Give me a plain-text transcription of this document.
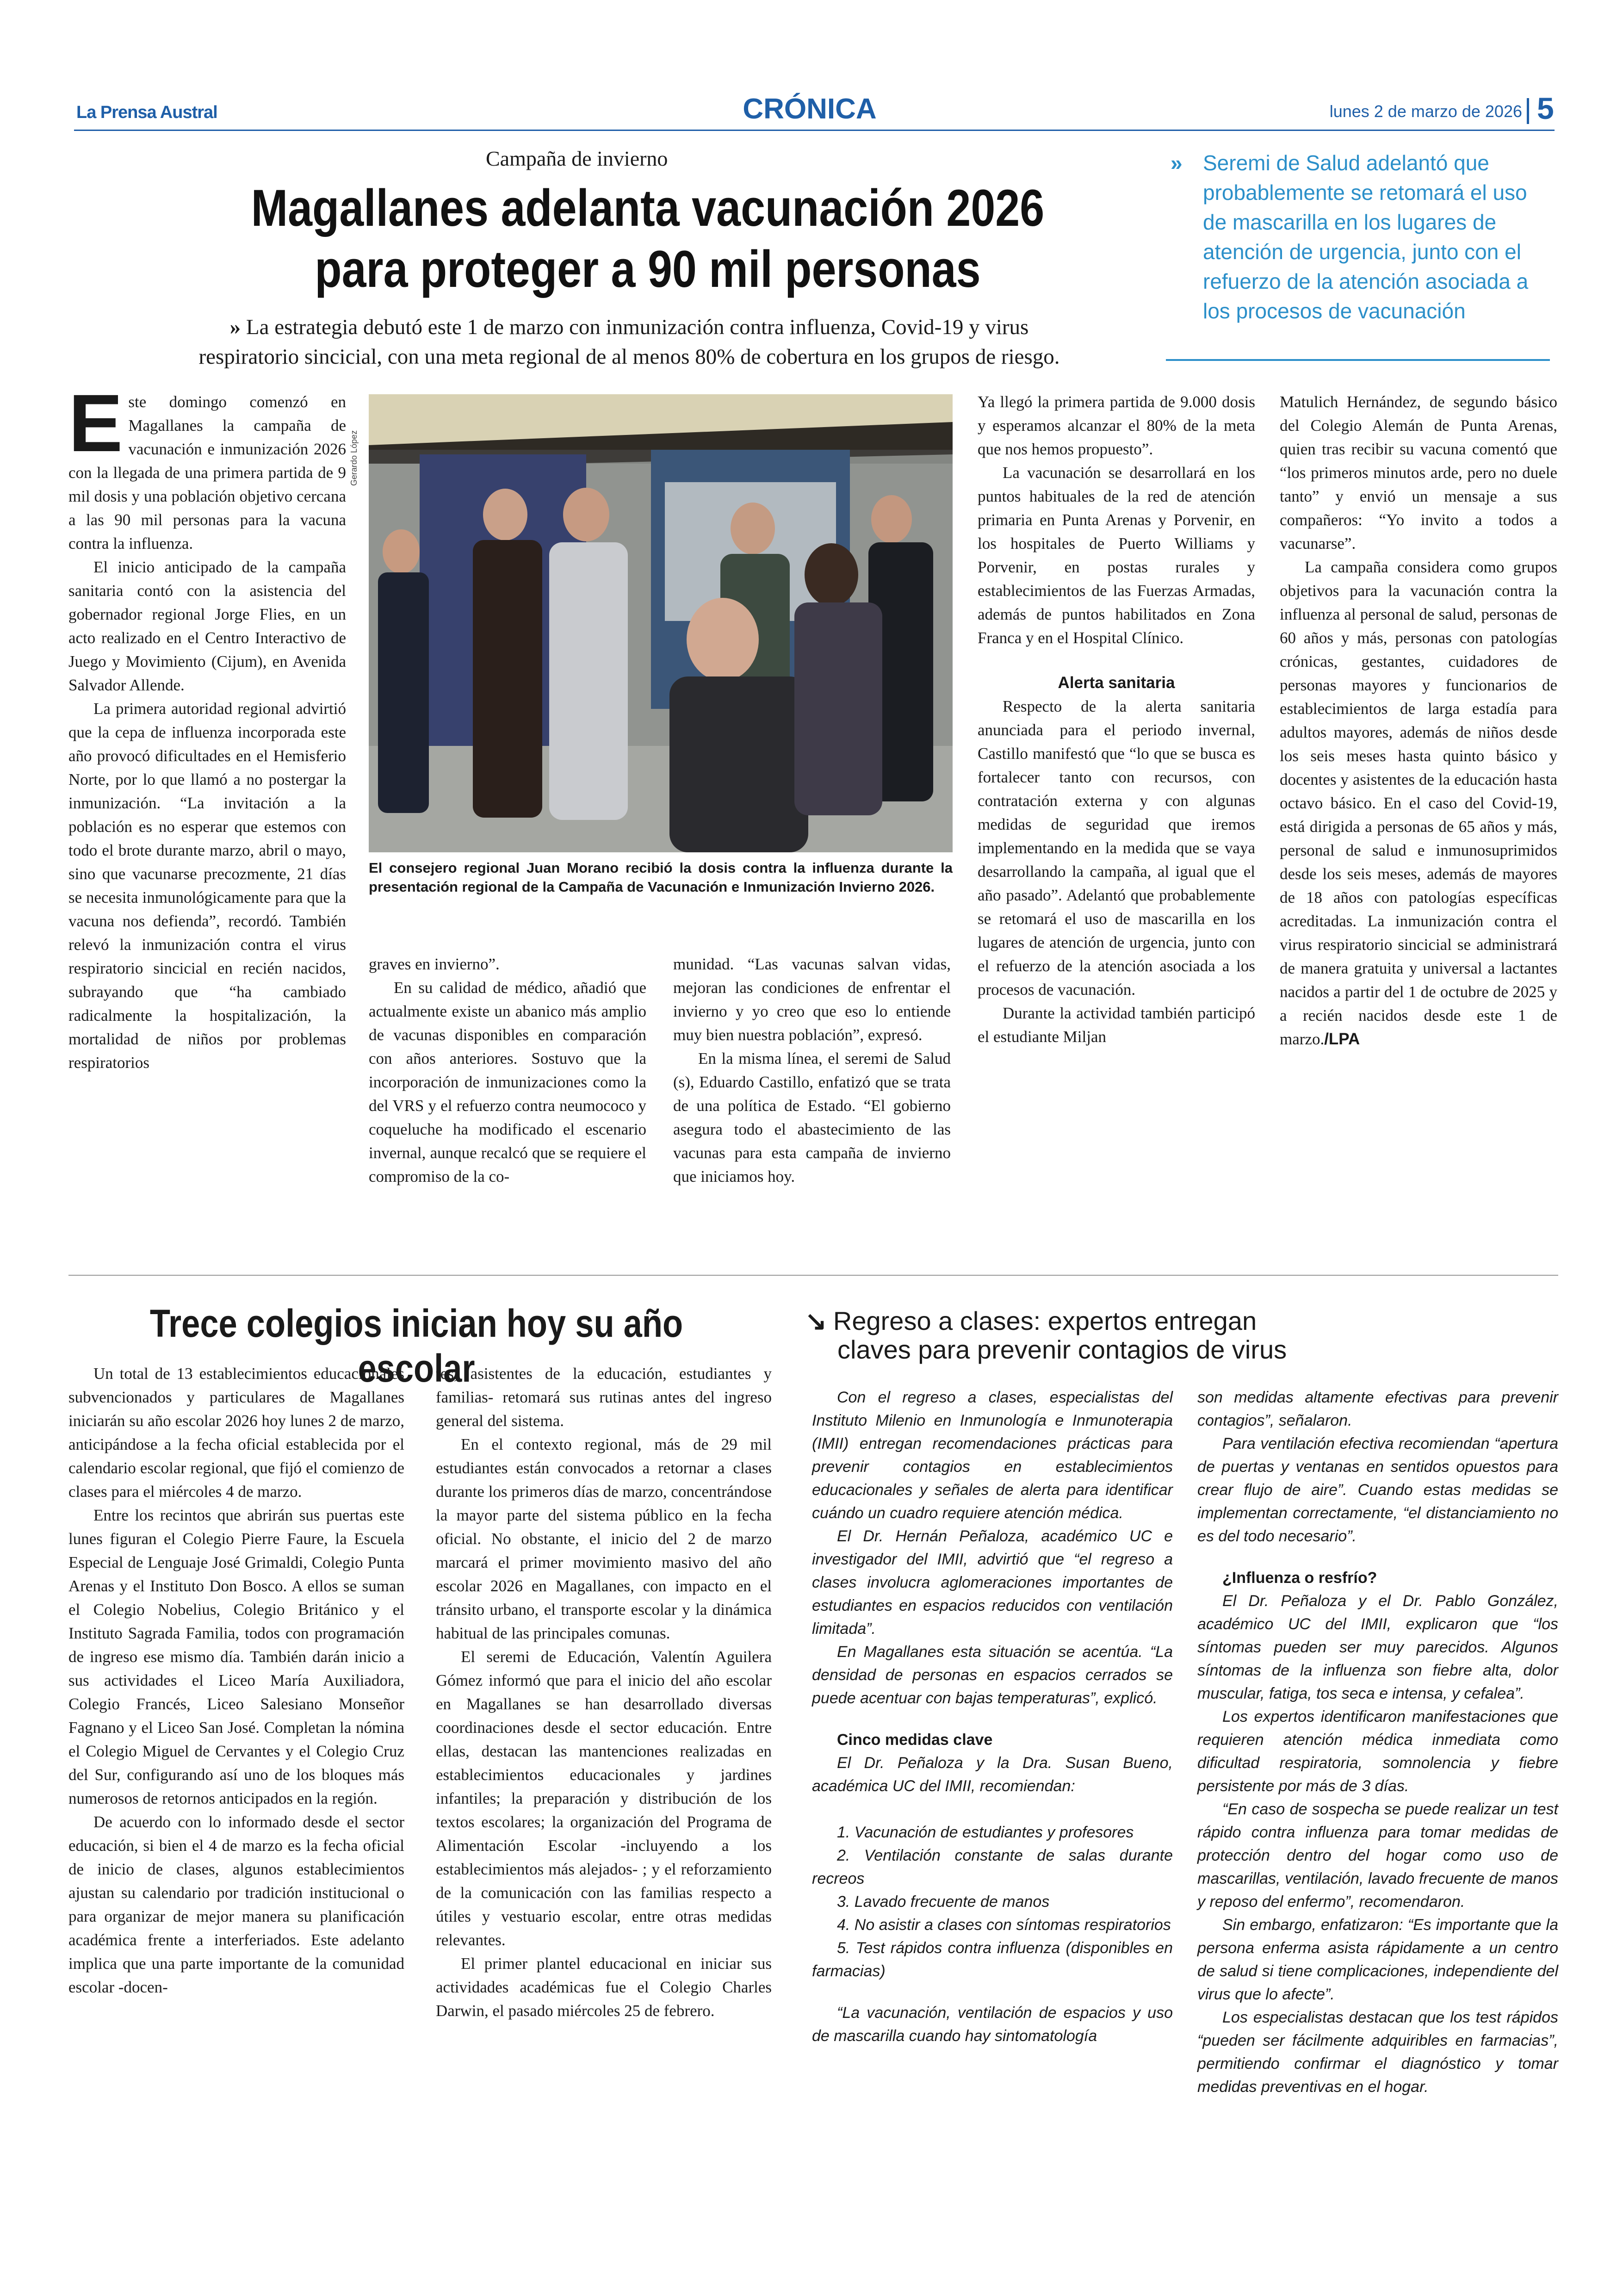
La Prensa Austral	CRÓNICA	lunes 2 de marzo de 2026 5
Campaña de invierno
Magallanes adelanta vacunación 2026
para proteger a 90 mil personas
» La estrategia debutó este 1 de marzo con inmunización contra influenza, Covid-19 y virus
respiratorio sincicial, con una meta regional de al menos 80% de cobertura en los grupos de riesgo.
» Seremi de Salud adelantó que probablemente se retomará el uso de mascarilla en los lugares de atención de urgencia, junto con el refuerzo de la atención asociada a los procesos de vacunación
E ste domingo comenzó en Magallanes la campaña de vacunación e inmunización 2026 con la llegada de una primera partida de 9 mil dosis y una población objetivo cercana a las 90 mil personas para la vacuna contra la influenza.

El inicio anticipado de la campaña sanitaria contó con la asistencia del gobernador regional Jorge Flies, en un acto realizado en el Centro Interactivo de Juego y Movimiento (Cijum), en Avenida Salvador Allende.

La primera autoridad regional advirtió que la cepa de influenza incorporada este año provocó dificultades en el Hemisferio Norte, por lo que llamó a no postergar la inmunización. “La invitación a la población es no esperar que estemos con todo el brote durante marzo, abril o mayo, sino que vacunarse precozmente, 21 días se necesita inmunológicamente para que la vacuna nos defienda”, recordó. También relevó la inmunización contra el virus respiratorio sincicial en recién nacidos, subrayando que “ha cambiado radicalmente la hospitalización, la mortalidad de niños por problemas respiratorios

Gerardo López
El consejero regional Juan Morano recibió la dosis contra la influenza durante la presentación regional de la Campaña de Vacunación e Inmunización Invierno 2026.
graves en invierno”.

En su calidad de médico, añadió que actualmente existe un abanico más amplio de vacunas disponibles en comparación con años anteriores. Sostuvo que la incorporación de inmunizaciones como la del VRS y el refuerzo contra neumococo y coqueluche ha modificado el escenario invernal, aunque recalcó que se requiere el compromiso de la co-

munidad. “Las vacunas salvan vidas, mejoran las condiciones de enfrentar el invierno y yo creo que eso lo entiende muy bien nuestra población”, expresó.

En la misma línea, el seremi de Salud (s), Eduardo Castillo, enfatizó que se trata de una política de Estado. “El gobierno asegura todo el abastecimiento de las vacunas para esta campaña de invierno que iniciamos hoy.

Ya llegó la primera partida de 9.000 dosis y esperamos alcanzar el 80% de la meta que nos hemos propuesto”.

La vacunación se desarrollará en los puntos habituales de la red de atención primaria en Punta Arenas y Porvenir, en los hospitales de Puerto Williams y Porvenir, en postas rurales y establecimientos de las Fuerzas Armadas, además de puntos habilitados en Zona Franca y en el Hospital Clínico.

Alerta sanitaria

Respecto de la alerta sanitaria anunciada para el periodo invernal, Castillo manifestó que “lo que se busca es fortalecer tanto con recursos, con contratación externa y con algunas medidas de seguridad que iremos implementando en la medida que se vaya desarrollando la campaña, al igual que el año pasado”. Adelantó que probablemente se retomará el uso de mascarilla en los lugares de atención de urgencia, junto con el refuerzo de la atención asociada a los procesos de vacunación.

Durante la actividad también participó el estudiante Miljan

Matulich Hernández, de segundo básico del Colegio Alemán de Punta Arenas, quien tras recibir su vacuna comentó que “los primeros minutos arde, pero no duele tanto” y envió un mensaje a sus compañeros: “Yo invito a todos a vacunarse”.

La campaña considera como grupos objetivos para la vacunación contra la influenza al personal de salud, personas de 60 años y más, personas con patologías crónicas, gestantes, cuidadores de personas mayores y funcionarios de establecimientos de larga estadía para adultos mayores, además de niños desde los seis meses hasta quinto básico y docentes y asistentes de la educación hasta octavo básico. En el caso del Covid-19, está dirigida a personas de 65 años y más, personal de salud e inmunosuprimidos desde los seis meses, además de mayores de 18 años con patologías específicas acreditadas. La inmunización contra el virus respiratorio sincicial se administrará de manera gratuita y universal a lactantes nacidos a partir del 1 de octubre de 2025 y a recién nacidos desde este 1 de marzo./LPA

Trece colegios inician hoy su año escolar

Un total de 13 establecimientos educacionales subvencionados y particulares de Magallanes iniciarán su año escolar 2026 hoy lunes 2 de marzo, anticipándose a la fecha oficial establecida por el calendario escolar regional, que fijó el comienzo de clases para el miércoles 4 de marzo.

Entre los recintos que abrirán sus puertas este lunes figuran el Colegio Pierre Faure, la Escuela Especial de Lenguaje José Grimaldi, Colegio Punta Arenas y el Instituto Don Bosco. A ellos se suman el Colegio Nobelius, Colegio Británico y el Instituto Sagrada Familia, todos con programación de ingreso ese mismo día. También darán inicio a sus actividades el Liceo María Auxiliadora, Colegio Francés, Liceo Salesiano Monseñor Fagnano y el Liceo San José. Completan la nómina el Colegio Miguel de Cervantes y el Colegio Cruz del Sur, configurando así uno de los bloques más numerosos de retornos anticipados en la región.

De acuerdo con lo informado desde el sector educación, si bien el 4 de marzo es la fecha oficial de inicio de clases, algunos establecimientos ajustan su calendario por tradición institucional o para organizar de mejor manera su planificación académica frente a interferiados. Este adelanto implica que una parte importante de la comunidad escolar -docen-

tes, asistentes de la educación, estudiantes y familias- retomará sus rutinas antes del ingreso general del sistema.

En el contexto regional, más de 29 mil estudiantes están convocados a retornar a clases durante los primeros días de marzo, concentrándose la mayor parte del sistema público en la fecha oficial. No obstante, el inicio del 2 de marzo marcará el primer movimiento masivo del año escolar 2026 en Magallanes, con impacto en el tránsito urbano, el transporte escolar y la dinámica habitual de las principales comunas.

El seremi de Educación, Valentín Aguilera Gómez informó que para el inicio del año escolar en Magallanes se han desarrollado diversas coordinaciones desde el sector educación. Entre ellas, destacan las mantenciones realizadas en establecimientos educacionales y jardines infantiles; la preparación y distribución de los textos escolares; la organización del Programa de Alimentación Escolar -incluyendo a los establecimientos más alejados- ; y el reforzamiento de la comunicación con las familias respecto a útiles y vestuario escolar, entre otras medidas relevantes.

El primer plantel educacional en iniciar sus actividades académicas fue el Colegio Charles Darwin, el pasado miércoles 25 de febrero.

↘ Regreso a clases: expertos entregan
claves para prevenir contagios de virus

Con el regreso a clases, especialistas del Instituto Milenio en Inmunología e Inmunoterapia (IMII) entregan recomendaciones prácticas para prevenir contagios en establecimientos educacionales y señales de alerta para identificar cuándo un cuadro requiere atención médica.

El Dr. Hernán Peñaloza, académico UC e investigador del IMII, advirtió que “el regreso a clases involucra aglomeraciones importantes de estudiantes en espacios reducidos con ventilación limitada”.

En Magallanes esta situación se acentúa. “La densidad de personas en espacios cerrados se puede acentuar con bajas temperaturas”, explicó.

Cinco medidas clave

El Dr. Peñaloza y la Dra. Susan Bueno, académica UC del IMII, recomiendan:

1. Vacunación de estudiantes y profesores

2. Ventilación constante de salas durante recreos

3. Lavado frecuente de manos

4. No asistir a clases con síntomas respiratorios

5. Test rápidos contra influenza (disponibles en farmacias)

“La vacunación, ventilación de espacios y uso de mascarilla cuando hay sintomatología

son medidas altamente efectivas para prevenir contagios”, señalaron.

Para ventilación efectiva recomiendan “apertura de puertas y ventanas en sentidos opuestos para crear flujo de aire”. Cuando estas medidas se implementan correctamente, “el distanciamiento no es del todo necesario”.

¿Influenza o resfrío?

El Dr. Peñaloza y el Dr. Pablo González, académico UC del IMII, explicaron que “los síntomas pueden ser muy parecidos. Algunos síntomas de la influenza son fiebre alta, dolor muscular, fatiga, tos seca e intensa, y cefalea”.

Los expertos identificaron manifestaciones que requieren atención médica inmediata como dificultad respiratoria, somnolencia y fiebre persistente por más de 3 días.

“En caso de sospecha se puede realizar un test rápido contra influenza para tomar medidas de protección dentro del hogar como uso de mascarillas, ventilación, lavado frecuente de manos y reposo del enfermo”, recomendaron.

Sin embargo, enfatizaron: “Es importante que la persona enferma asista rápidamente a un centro de salud si tiene complicaciones, independiente del virus que lo afecte”.

Los especialistas destacan que los test rápidos “pueden ser fácilmente adquiribles en farmacias”, permitiendo confirmar el diagnóstico y tomar medidas preventivas en el hogar.
